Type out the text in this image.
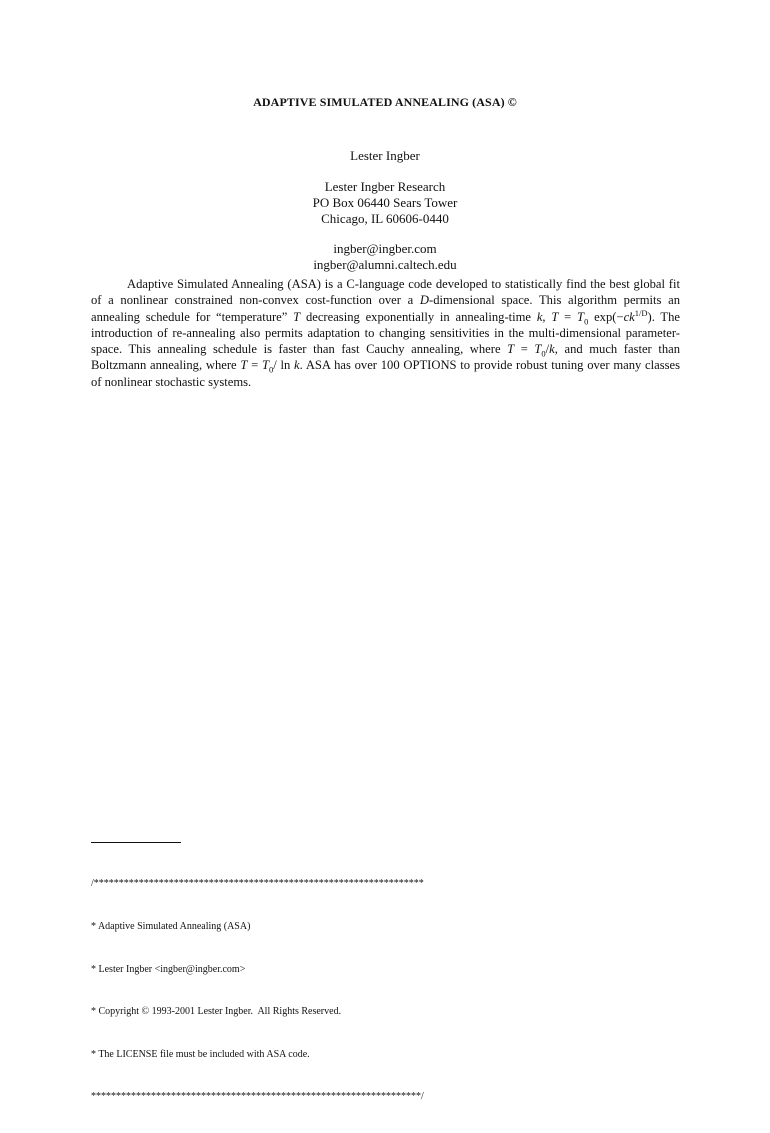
ADAPTIVE SIMULATED ANNEALING (ASA) ©
Lester Ingber
Lester Ingber Research
PO Box 06440 Sears Tower
Chicago, IL 60606-0440
ingber@ingber.com
ingber@alumni.caltech.edu
Adaptive Simulated Annealing (ASA) is a C-language code developed to statistically find the best global fit of a nonlinear constrained non-convex cost-function over a D-dimensional space. This algorithm permits an annealing schedule for “temperature” T decreasing exponentially in annealing-time k, $T = T_0$ $\exp(-ck^{1/D})$. The introduction of re-annealing also permits adaptation to changing sensitivities in the multi-dimensional parameter-space. This annealing schedule is faster than fast Cauchy annealing, where $T = T_0/k$, and much faster than Boltzmann annealing, where $T = T_0/$ ln k. ASA has over 100 OPTIONS to provide robust tuning over many classes of nonlinear stochastic systems.

/******************************************************************

* Adaptive Simulated Annealing (ASA)

* Lester Ingber <ingber@ingber.com>

* Copyright © 1993-2001 Lester Ingber.  All Rights Reserved.

* The LICENSE file must be included with ASA code.

******************************************************************/
